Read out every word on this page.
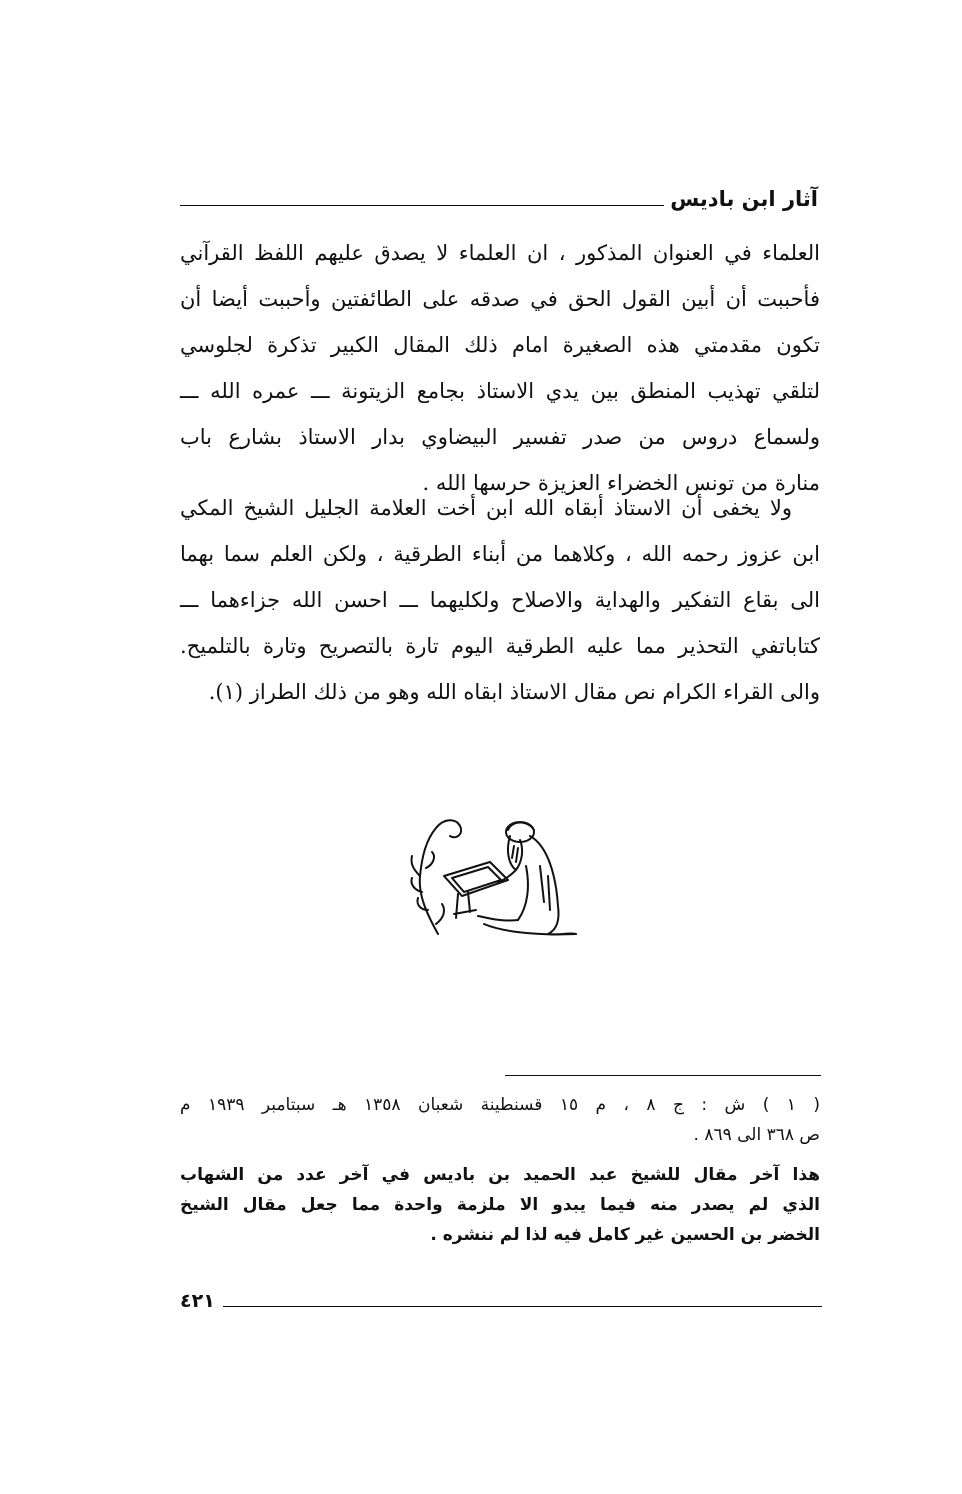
آثار ابن باديس
العلماء في العنوان المذكور ، ان العلماء لا يصدق عليهم اللفظ القرآني
فأحببت أن أبين القول الحق في صدقه على الطائفتين وأحببت أيضا أن
تكون مقدمتي هذه الصغيرة امام ذلك المقال الكبير تذكرة لجلوسي
لتلقي تهذيب المنطق بين يدي الاستاذ بجامع الزيتونة ـــ عمره الله ـــ
ولسماع دروس من صدر تفسير البيضاوي بدار الاستاذ بشارع باب
منارة من تونس الخضراء العزيزة حرسها الله .
ولا يخفى أن الاستاذ أبقاه الله ابن أخت العلامة الجليل الشيخ المكي
ابن عزوز رحمه الله ، وكلاهما من أبناء الطرقية ، ولكن العلم سما بهما
الى بقاع التفكير والهداية والاصلاح ولكليهما ـــ احسن الله جزاءهما ـــ
كتاباتفي التحذير مما عليه الطرقية اليوم تارة بالتصريح وتارة بالتلميح.
والى القراء الكرام نص مقال الاستاذ ابقاه الله وهو من ذلك الطراز (١).
( ١ ) ش : ج ٨ ، م ١٥ قسنطينة شعبان ١٣٥٨ هـ سبتامبر ١٩٣٩ م
ص ٣٦٨ الى ٨٦٩ .
هذا آخر مقال للشيخ عبد الحميد بن باديس في آخر عدد من الشهاب
الذي لم يصدر منه فيما يبدو الا ملزمة واحدة مما جعل مقال الشيخ
الخضر بن الحسين غير كامل فيه لذا لم ننشره .
٤٢١
